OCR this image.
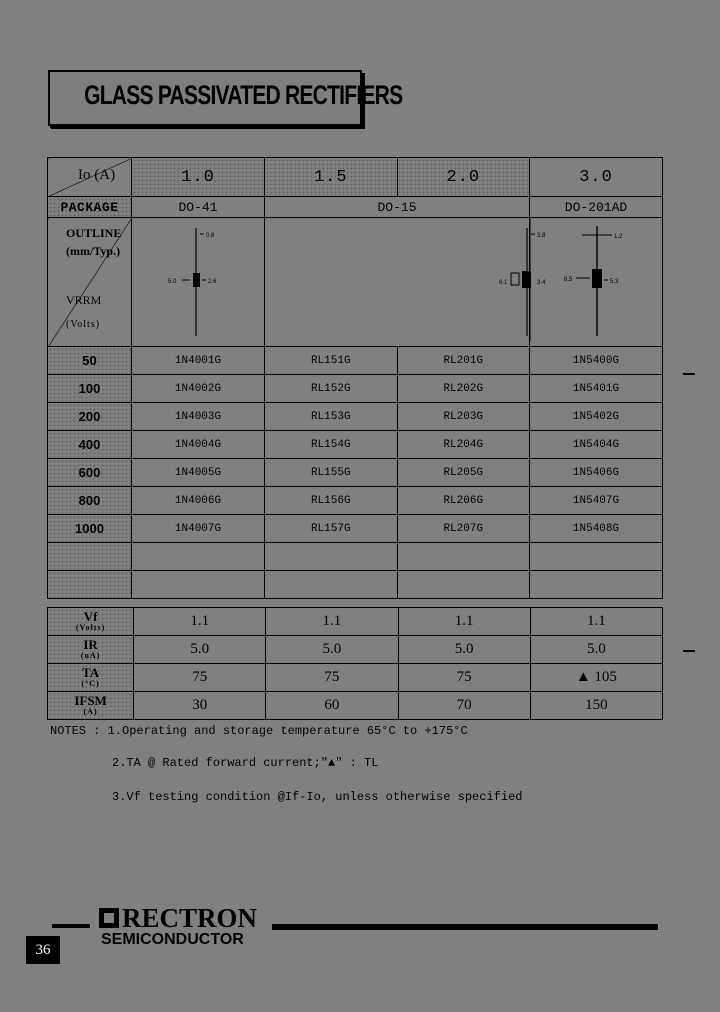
GLASS PASSIVATED RECTIFIERS
Io (A)	1.0	1.5	2.0	3.0
PACKAGE	DO-41	DO-15		DO-201AD

OUTLINE
(mm/Typ.)
VRRM
(Volts)	0.8
5.0 2.6	3.8
6.1 3.4		1.2
8.5 5.3

50	1N4001G	RL151G	RL201G	1N5400G
100	1N4002G	RL152G	RL202G	1N5401G
200	1N4003G	RL153G	RL203G	1N5402G
400	1N4004G	RL154G	RL204G	1N5404G
600	1N4005G	RL155G	RL205G	1N5406G
800	1N4006G	RL156G	RL206G	1N5407G
1000	1N4007G	RL157G	RL207G	1N5408G

Vf
(Volts)	1.1	1.1	1.1	1.1
IR
(uA)	5.0	5.0	5.0	5.0
TA
(°C)	75	75	75	▲ 105
IFSM
(A)	30	60	70	150
NOTES : 1.Operating and storage temperature 65°C to +175°C
2.TA @ Rated forward current;"▲" : TL
3.Vf testing condition @If-Io, unless otherwise specified
RECTRON
SEMICONDUCTOR
36
